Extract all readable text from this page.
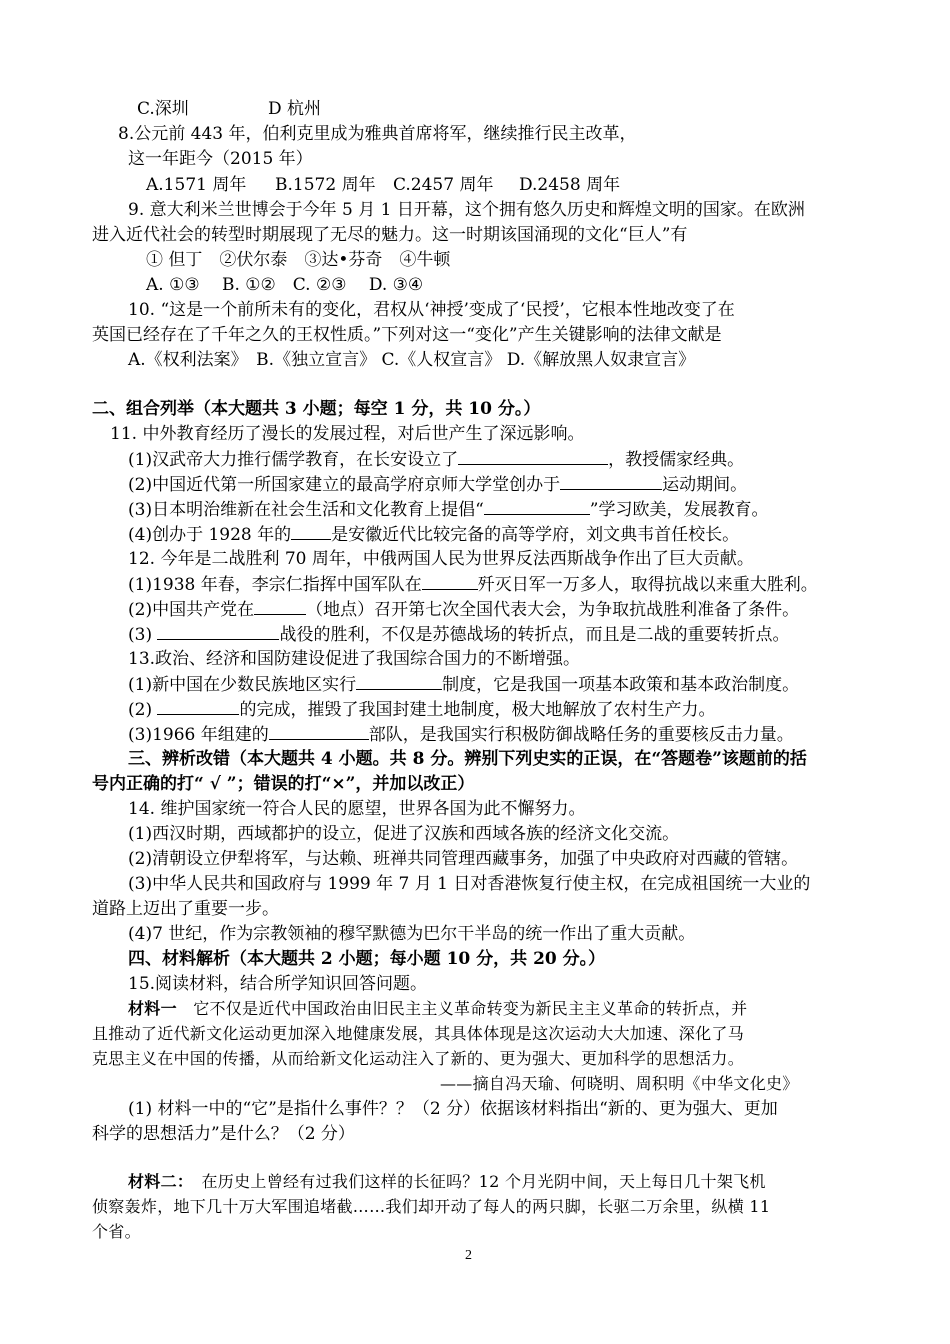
C.深圳	D 杭州
8.公元前 443 年，伯利克里成为雅典首席将军，继续推行民主改革，
这一年距今（2015 年）
A.1571 周年 B.1572 周年 C.2457 周年 D.2458 周年
9. 意大利米兰世博会于今年 5 月 1 日开幕，这个拥有悠久历史和辉煌文明的国家。在欧洲
进入近代社会的转型时期展现了无尽的魅力。这一时期该国涌现的文化“巨人”有
① 但丁　②伏尔泰　③达•芬奇　④牛顿
A. ①③　 B. ①②　C. ②③　 D. ③④
10. “这是一个前所未有的变化，君权从‘神授’变成了‘民授’，它根本性地改变了在
英国已经存在了千年之久的王权性质。”下列对这一“变化”产生关键影响的法律文献是
A.《权利法案》　B.《独立宣言》 C.《人权宣言》 D.《解放黑人奴隶宣言》
二、组合列举（本大题共 3 小题；每空 1 分，共 10 分。）
11. 中外教育经历了漫长的发展过程，对后世产生了深远影响。
(1)汉武帝大力推行儒学教育，在长安设立了	，教授儒家经典。
(2)中国近代第一所国家建立的最高学府京师大学堂创办于	运动期间。
(3)日本明治维新在社会生活和文化教育上提倡“	”学习欧美，发展教育。
(4)创办于 1928 年的 是安徽近代比较完备的高等学府，刘文典韦首任校长。
12. 今年是二战胜利 70 周年，中俄两国人民为世界反法西斯战争作出了巨大贡献。
(1)1938 年春，李宗仁指挥中国军队在	歼灭日军一万多人，取得抗战以来重大胜利。
(2)中国共产党在	（地点）召开第七次全国代表大会，为争取抗战胜利准备了条件。
(3)	战役的胜利，不仅是苏德战场的转折点，而且是二战的重要转折点。
13.政治、经济和国防建设促进了我国综合国力的不断增强。
(1)新中国在少数民族地区实行	制度，它是我国一项基本政策和基本政治制度。
(2)	的完成，摧毁了我国封建土地制度，极大地解放了农村生产力。
(3)1966 年组建的	部队，是我国实行积极防御战略任务的重要核反击力量。
三、辨析改错（本大题共 4 小题。共 8 分。辨别下列史实的正误，在“答题卷”该题前的括
号内正确的打“ √ ”；错误的打“×”，并加以改正）
14. 维护国家统一符合人民的愿望，世界各国为此不懈努力。
(1)西汉时期，西域都护的设立，促进了汉族和西域各族的经济文化交流。
(2)清朝设立伊犁将军，与达赖、班禅共同管理西藏事务，加强了中央政府对西藏的管辖。
(3)中华人民共和国政府与 1999 年 7 月 1 日对香港恢复行使主权，在完成祖国统一大业的
道路上迈出了重要一步。
(4)7 世纪，作为宗教领袖的穆罕默德为巴尔干半岛的统一作出了重大贡献。
四、材料解析（本大题共 2 小题；每小题 10 分，共 20 分。）
15.阅读材料，结合所学知识回答问题。
材料一　它不仅是近代中国政治由旧民主主义革命转变为新民主主义革命的转折点，并
且推动了近代新文化运动更加深入地健康发展，其具体体现是这次运动大大加速、深化了马
克思主义在中国的传播，从而给新文化运动注入了新的、更为强大、更加科学的思想活力。
——摘自冯天瑜、何晓明、周积明《中华文化史》
(1) 材料一中的“它”是指什么事件？？（2 分）依据该材料指出“新的、更为强大、更加
科学的思想活力”是什么？（2 分）
材料二：　在历史上曾经有过我们这样的长征吗？12 个月光阴中间，天上每日几十架飞机
侦察轰炸，地下几十万大军围追堵截……我们却开动了每人的两只脚，长驱二万余里，纵横 11
个省。
2
